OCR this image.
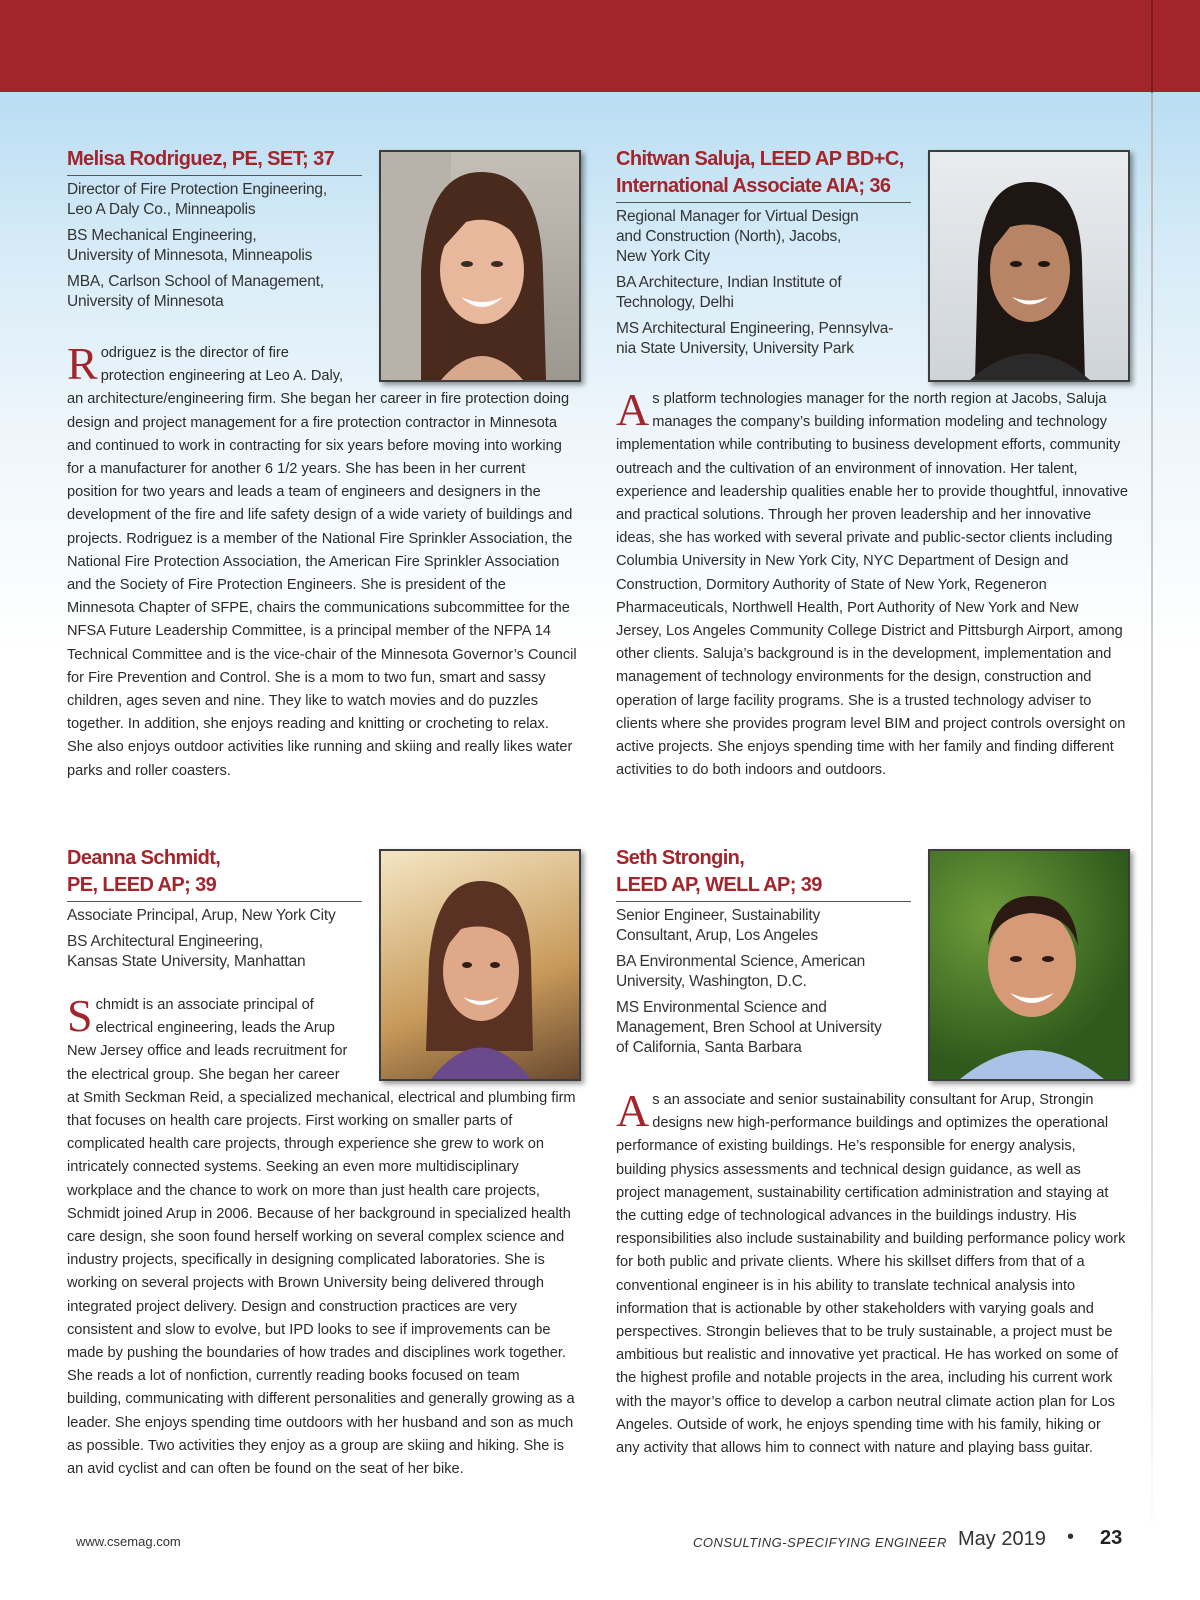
Melisa Rodriguez, PE, SET; 37
Director of Fire Protection Engineering,
Leo A Daly Co., Minneapolis
BS Mechanical Engineering,
University of Minnesota, Minneapolis
MBA, Carlson School of Management,
University of Minnesota
R odriguez is the director of fire protection engineering at Leo A. Daly, an architecture/engineering firm. She began her career in fire protection doing design and project management for a fire protection contractor in Minnesota and continued to work in contracting for six years before moving into working for a manufacturer for another 6 1/2 years. She has been in her current position for two years and leads a team of engineers and designers in the development of the fire and life safety design of a wide variety of buildings and projects. Rodriguez is a member of the National Fire Sprinkler Association, the National Fire Protection Association, the American Fire Sprinkler Association and the Society of Fire Protection Engineers. She is president of the Minnesota Chapter of SFPE, chairs the communications subcommittee for the NFSA Future Leadership Committee, is a principal member of the NFPA 14 Technical Committee and is the vice-chair of the Minnesota Governor’s Council for Fire Prevention and Control. She is a mom to two fun, smart and sassy children, ages seven and nine. They like to watch movies and do puzzles together. In addition, she enjoys reading and knitting or crocheting to relax. She also enjoys outdoor activities like running and skiing and really likes water parks and roller coasters.

Chitwan Saluja, LEED AP BD+C,
International Associate AIA; 36
Regional Manager for Virtual Design
and Construction (North), Jacobs,
New York City
BA Architecture, Indian Institute of
Technology, Delhi
MS Architectural Engineering, Pennsylva-
nia State University, University Park
A s platform technologies manager for the north region at Jacobs, Saluja manages the company’s building information modeling and technology implementation while contributing to business development efforts, community outreach and the cultivation of an environment of innovation. Her talent, experience and leadership qualities enable her to provide thoughtful, innovative and practical solutions. Through her proven leadership and her innovative ideas, she has worked with several private and public-sector clients including Columbia University in New York City, NYC Department of Design and Construction, Dormitory Authority of State of New York, Regeneron Pharmaceuticals, Northwell Health, Port Authority of New York and New Jersey, Los Angeles Community College District and Pittsburgh Airport, among other clients. Saluja’s background is in the development, implementation and management of technology environments for the design, construction and operation of large facility programs. She is a trusted technology adviser to clients where she provides program level BIM and project controls oversight on active projects. She enjoys spending time with her family and finding different activities to do both indoors and outdoors.

Deanna Schmidt,
PE, LEED AP; 39
Associate Principal, Arup, New York City
BS Architectural Engineering,
Kansas State University, Manhattan
S chmidt is an associate principal of electrical engineering, leads the Arup New Jersey office and leads recruitment for the electrical group. She began her career at Smith Seckman Reid, a specialized mechanical, electrical and plumbing firm that focuses on health care projects. First working on smaller parts of complicated health care projects, through experience she grew to work on intricately connected systems. Seeking an even more multidisciplinary workplace and the chance to work on more than just health care projects, Schmidt joined Arup in 2006. Because of her background in specialized health care design, she soon found herself working on several complex science and industry projects, specifically in designing complicated laboratories. She is working on several projects with Brown University being delivered through integrated project delivery. Design and construction practices are very consistent and slow to evolve, but IPD looks to see if improvements can be made by pushing the boundaries of how trades and disciplines work together. She reads a lot of nonfiction, currently reading books focused on team building, communicating with different personalities and generally growing as a leader. She enjoys spending time outdoors with her husband and son as much as possible. Two activities they enjoy as a group are skiing and hiking. She is an avid cyclist and can often be found on the seat of her bike.

Seth Strongin,
LEED AP, WELL AP; 39
Senior Engineer, Sustainability
Consultant, Arup, Los Angeles
BA Environmental Science, American
University, Washington, D.C.
MS Environmental Science and
Management, Bren School at University
of California, Santa Barbara
A s an associate and senior sustainability consultant for Arup, Strongin designs new high-performance buildings and optimizes the operational performance of existing buildings. He’s responsible for energy analysis, building physics assessments and technical design guidance, as well as project management, sustainability certification administration and staying at the cutting edge of technological advances in the buildings industry. His responsibilities also include sustainability and building performance policy work for both public and private clients. Where his skillset differs from that of a conventional engineer is in his ability to translate technical analysis into information that is actionable by other stakeholders with varying goals and perspectives. Strongin believes that to be truly sustainable, a project must be ambitious but realistic and innovative yet practical. He has worked on some of the highest profile and notable projects in the area, including his current work with the mayor’s office to develop a carbon neutral climate action plan for Los Angeles. Outside of work, he enjoys spending time with his family, hiking or any activity that allows him to connect with nature and playing bass guitar.

www.csemag.com	CONSULTING-SPECIFYING ENGINEER May 2019 • 23
